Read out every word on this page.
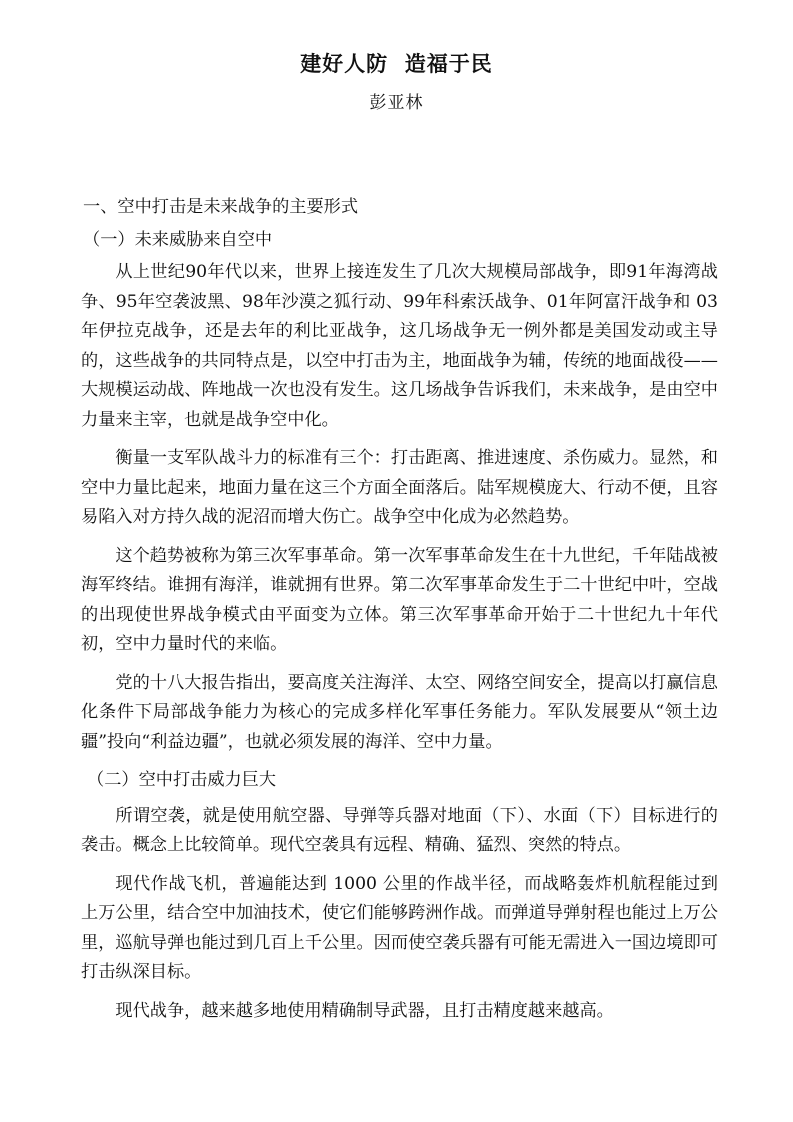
建好人防  造福于民
彭亚林
一、空中打击是未来战争的主要形式
（一）未来威胁来自空中

从上世纪90年代以来，世界上接连发生了几次大规模局部战争，即91年海湾战争、95年空袭波黑、98年沙漠之狐行动、99年科索沃战争、01年阿富汗战争和 03年伊拉克战争，还是去年的利比亚战争，这几场战争无一例外都是美国发动或主导的，这些战争的共同特点是，以空中打击为主，地面战争为辅，传统的地面战役——大规模运动战、阵地战一次也没有发生。这几场战争告诉我们，未来战争，是由空中力量来主宰，也就是战争空中化。

衡量一支军队战斗力的标准有三个：打击距离、推进速度、杀伤威力。显然，和空中力量比起来，地面力量在这三个方面全面落后。陆军规模庞大、行动不便，且容易陷入对方持久战的泥沼而增大伤亡。战争空中化成为必然趋势。

这个趋势被称为第三次军事革命。第一次军事革命发生在十九世纪，千年陆战被海军终结。谁拥有海洋，谁就拥有世界。第二次军事革命发生于二十世纪中叶，空战的出现使世界战争模式由平面变为立体。第三次军事革命开始于二十世纪九十年代初，空中力量时代的来临。

党的十八大报告指出，要高度关注海洋、太空、网络空间安全，提高以打赢信息化条件下局部战争能力为核心的完成多样化军事任务能力。军队发展要从“领土边疆”投向“利益边疆”，也就必须发展的海洋、空中力量。

（二）空中打击威力巨大

所谓空袭，就是使用航空器、导弹等兵器对地面（下）、水面（下）目标进行的袭击。概念上比较简单。现代空袭具有远程、精确、猛烈、突然的特点。

现代作战飞机，普遍能达到 1000 公里的作战半径，而战略轰炸机航程能过到上万公里，结合空中加油技术，使它们能够跨洲作战。而弹道导弹射程也能过上万公里，巡航导弹也能过到几百上千公里。因而使空袭兵器有可能无需进入一国边境即可打击纵深目标。

现代战争，越来越多地使用精确制导武器，且打击精度越来越高。
